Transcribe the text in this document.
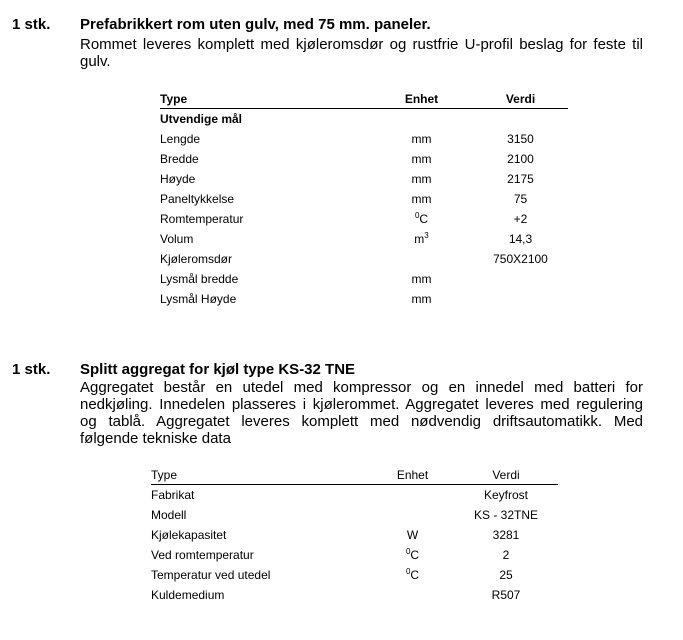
1 stk. Prefabrikkert rom uten gulv, med 75 mm. paneler.
Rommet leveres komplett med kjøleromsdør og rustfrie U-profil beslag for feste til
gulv.
Type	Enhet	Verdi
Utvendige mål		
Lengde	mm	3150
Bredde	mm	2100
Høyde	mm	2175
Paneltykkelse	mm	75
Romtemperatur	$^0$C	+2
Volum	$m^3$	14,3
Kjøleromsdør		750X2100
Lysmål bredde	mm	
Lysmål Høyde	mm	
1 stk. Splitt aggregat for kjøl type KS-32 TNE
Aggregatet består en utedel med kompressor og en innedel med batteri for
nedkjøling. Innedelen plasseres i kjølerommet. Aggregatet leveres med regulering
og tablå. Aggregatet leveres komplett med nødvendig driftsautomatikk. Med
følgende tekniske data
Type	Enhet	Verdi
Fabrikat		Keyfrost
Modell		KS - 32TNE
Kjølekapasitet	W	3281
Ved romtemperatur	$^0$C	2
Temperatur ved utedel	$^0$C	25
Kuldemedium		R507
